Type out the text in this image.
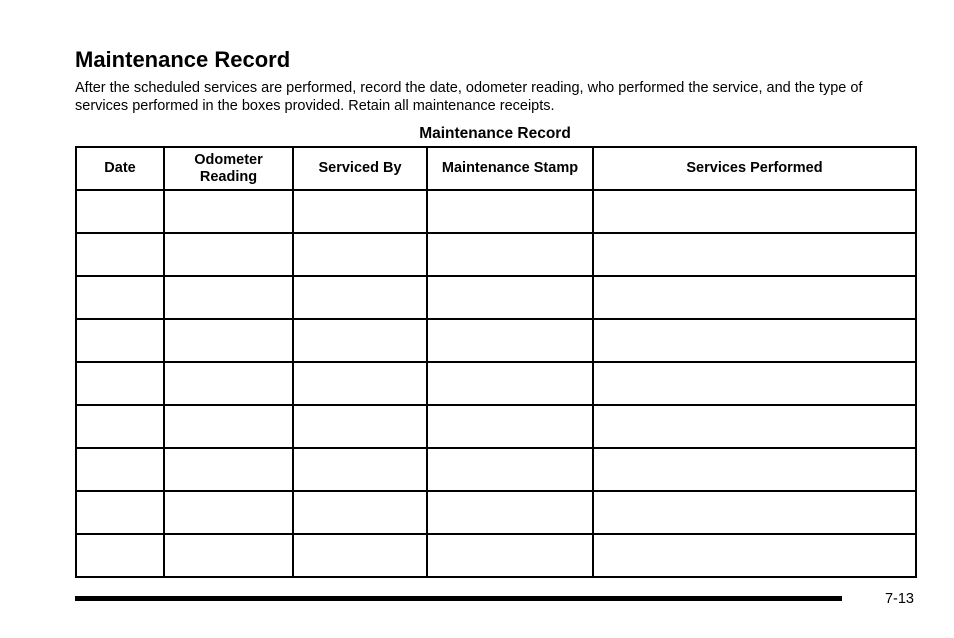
Maintenance Record

After the scheduled services are performed, record the date, odometer reading, who performed the service, and the type of services performed in the boxes provided. Retain all maintenance receipts.

Maintenance Record
Date	Odometer Reading	Serviced By	Maintenance Stamp	Services Performed

7-13
